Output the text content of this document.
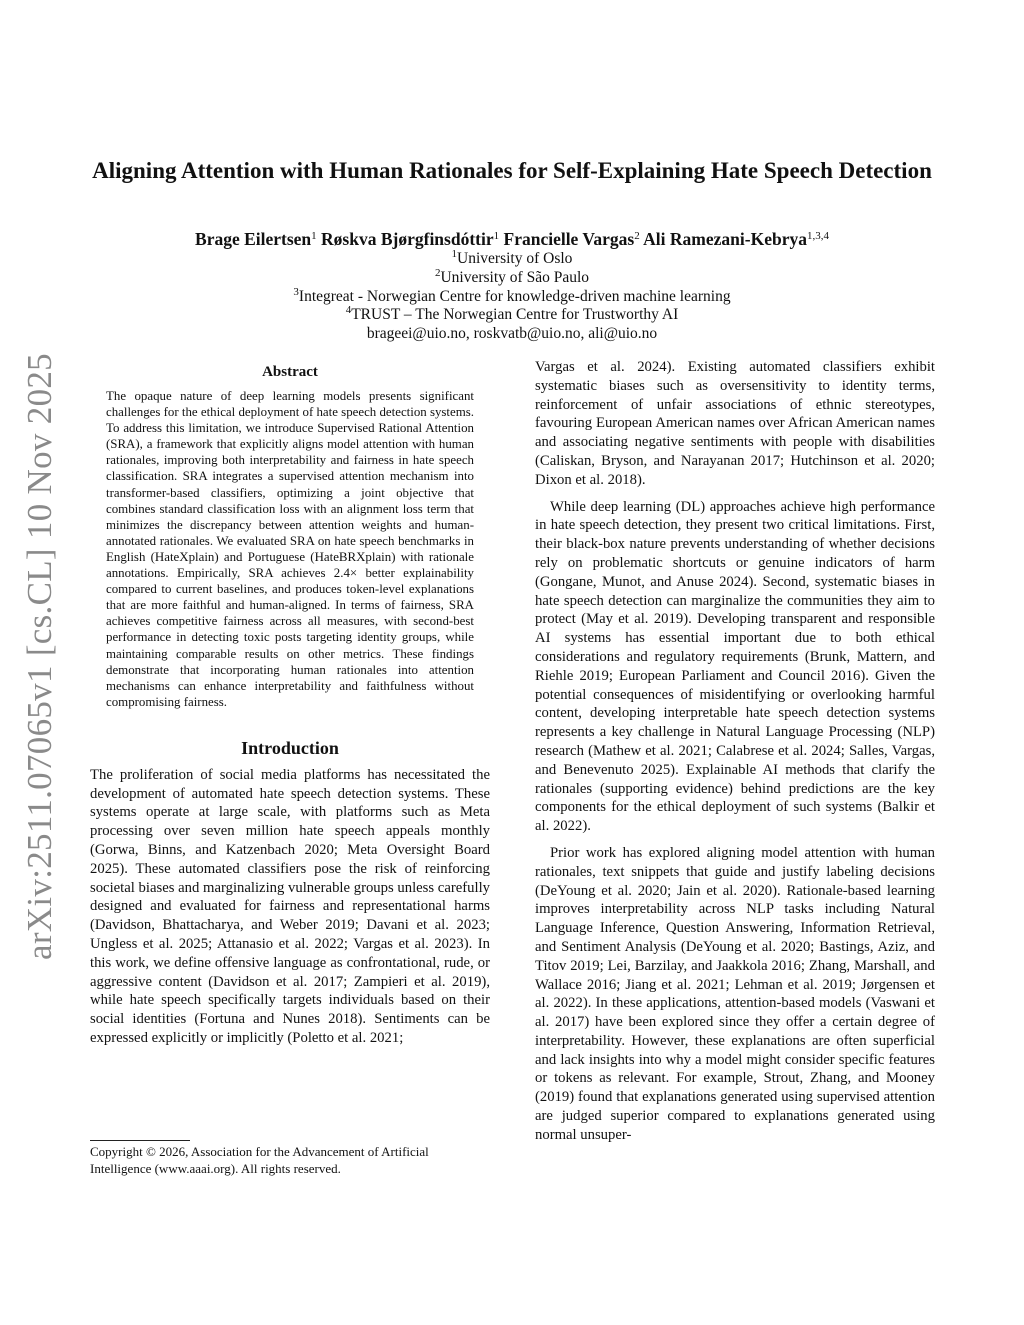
arXiv:2511.07065v1 [cs.CL] 10 Nov 2025
Aligning Attention with Human Rationales for Self-Explaining Hate Speech Detection
Brage Eilertsen$^1$ Røskva Bjørgfinsdóttir$^1$ Francielle Vargas$^2$ Ali Ramezani-Kebrya$^{1,3,4}$
$^1$University of Oslo
$^2$University of São Paulo
$^3$Integreat - Norwegian Centre for knowledge-driven machine learning
$^4$TRUST – The Norwegian Centre for Trustworthy AI
brageei@uio.no, roskvatb@uio.no, ali@uio.no
Abstract

The opaque nature of deep learning models presents significant challenges for the ethical deployment of hate speech detection systems. To address this limitation, we introduce Supervised Rational Attention (SRA), a framework that explicitly aligns model attention with human rationales, improving both interpretability and fairness in hate speech classification. SRA integrates a supervised attention mechanism into transformer-based classifiers, optimizing a joint objective that combines standard classification loss with an alignment loss term that minimizes the discrepancy between attention weights and human-annotated rationales. We evaluated SRA on hate speech benchmarks in English (HateXplain) and Portuguese (HateBRXplain) with rationale annotations. Empirically, SRA achieves 2.4× better explainability compared to current baselines, and produces token-level explanations that are more faithful and human-aligned. In terms of fairness, SRA achieves competitive fairness across all measures, with second-best performance in detecting toxic posts targeting identity groups, while maintaining comparable results on other metrics. These findings demonstrate that incorporating human rationales into attention mechanisms can enhance interpretability and faithfulness without compromising fairness.

Introduction

The proliferation of social media platforms has necessitated the development of automated hate speech detection systems. These systems operate at large scale, with platforms such as Meta processing over seven million hate speech appeals monthly (Gorwa, Binns, and Katzenbach 2020; Meta Oversight Board 2025). These automated classifiers pose the risk of reinforcing societal biases and marginalizing vulnerable groups unless carefully designed and evaluated for fairness and representational harms (Davidson, Bhattacharya, and Weber 2019; Davani et al. 2023; Ungless et al. 2025; Attanasio et al. 2022; Vargas et al. 2023). In this work, we define offensive language as confrontational, rude, or aggressive content (Davidson et al. 2017; Zampieri et al. 2019), while hate speech specifically targets individuals based on their social identities (Fortuna and Nunes 2018). Sentiments can be expressed explicitly or implicitly (Poletto et al. 2021;

Vargas et al. 2024). Existing automated classifiers exhibit systematic biases such as oversensitivity to identity terms, reinforcement of unfair associations of ethnic stereotypes, favouring European American names over African American names and associating negative sentiments with people with disabilities (Caliskan, Bryson, and Narayanan 2017; Hutchinson et al. 2020; Dixon et al. 2018).

While deep learning (DL) approaches achieve high performance in hate speech detection, they present two critical limitations. First, their black-box nature prevents understanding of whether decisions rely on problematic shortcuts or genuine indicators of harm (Gongane, Munot, and Anuse 2024). Second, systematic biases in hate speech detection can marginalize the communities they aim to protect (May et al. 2019). Developing transparent and responsible AI systems has essential important due to both ethical considerations and regulatory requirements (Brunk, Mattern, and Riehle 2019; European Parliament and Council 2016). Given the potential consequences of misidentifying or overlooking harmful content, developing interpretable hate speech detection systems represents a key challenge in Natural Language Processing (NLP) research (Mathew et al. 2021; Calabrese et al. 2024; Salles, Vargas, and Benevenuto 2025). Explainable AI methods that clarify the rationales (supporting evidence) behind predictions are the key components for the ethical deployment of such systems (Balkir et al. 2022).

Prior work has explored aligning model attention with human rationales, text snippets that guide and justify labeling decisions (DeYoung et al. 2020; Jain et al. 2020). Rationale-based learning improves interpretability across NLP tasks including Natural Language Inference, Question Answering, Information Retrieval, and Sentiment Analysis (DeYoung et al. 2020; Bastings, Aziz, and Titov 2019; Lei, Barzilay, and Jaakkola 2016; Zhang, Marshall, and Wallace 2016; Jiang et al. 2021; Lehman et al. 2019; Jørgensen et al. 2022). In these applications, attention-based models (Vaswani et al. 2017) have been explored since they offer a certain degree of interpretability. However, these explanations are often superficial and lack insights into why a model might consider specific features or tokens as relevant. For example, Strout, Zhang, and Mooney (2019) found that explanations generated using supervised attention are judged superior compared to explanations generated using normal unsuper-

Copyright © 2026, Association for the Advancement of Artificial Intelligence (www.aaai.org). All rights reserved.
